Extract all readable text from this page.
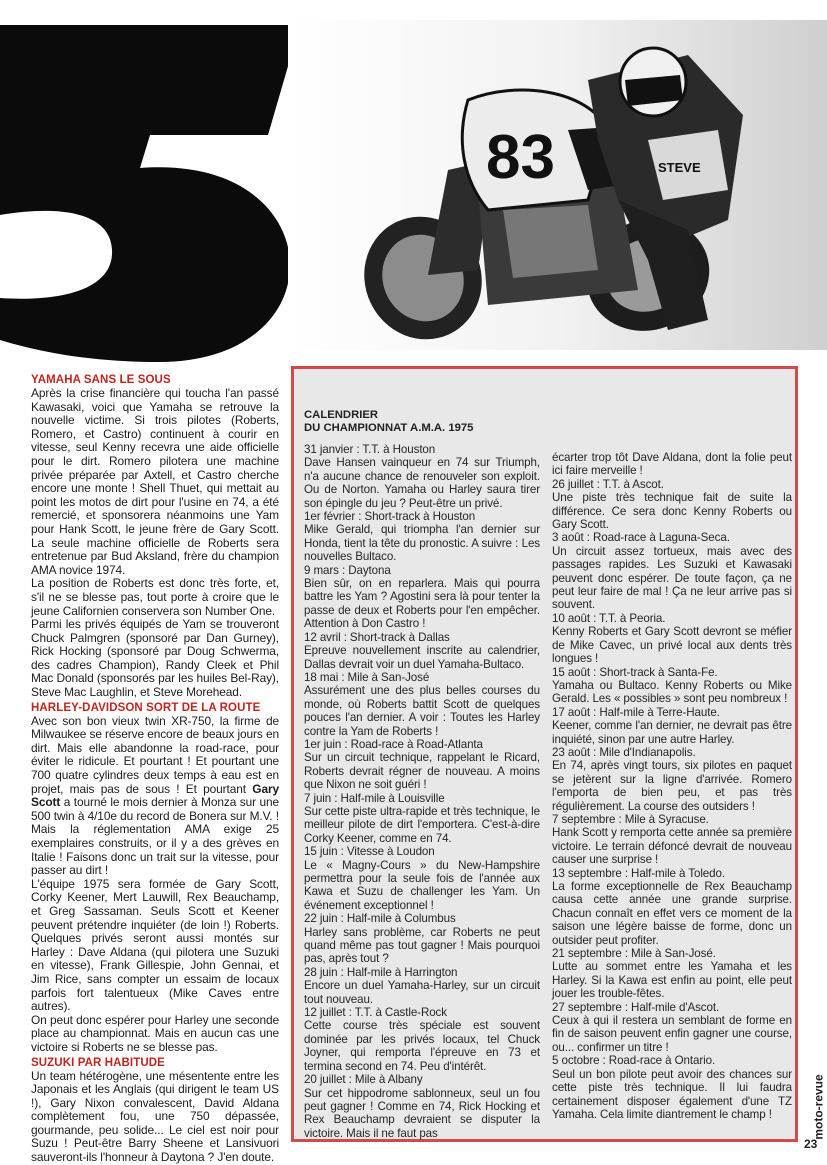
STEVE
83
YAMAHA SANS LE SOUS

Après la crise financière qui toucha l'an passé Kawasaki, voici que Yamaha se retrouve la nouvelle victime. Si trois pilotes (Roberts, Romero, et Castro) continuent à courir en vitesse, seul Kenny recevra une aide officielle pour le dirt. Romero pilotera une machine privée préparée par Axtell, et Castro cherche encore une monte ! Shell Thuet, qui mettait au point les motos de dirt pour l'usine en 74, a été remercié, et sponsorera néanmoins une Yam pour Hank Scott, le jeune frère de Gary Scott. La seule machine officielle de Roberts sera entretenue par Bud Aksland, frère du champion AMA novice 1974.

La position de Roberts est donc très forte, et, s'il ne se blesse pas, tout porte à croire que le jeune Californien conservera son Number One.

Parmi les privés équipés de Yam se trouveront Chuck Palmgren (sponsoré par Dan Gurney), Rick Hocking (sponsoré par Doug Schwerma, des cadres Champion), Randy Cleek et Phil Mac Donald (sponsorés par les huiles Bel-Ray), Steve Mac Laughlin, et Steve Morehead.

HARLEY-DAVIDSON SORT DE LA ROUTE

Avec son bon vieux twin XR-750, la firme de Milwaukee se réserve encore de beaux jours en dirt. Mais elle abandonne la road-race, pour éviter le ridicule. Et pourtant ! Et pourtant une 700 quatre cylindres deux temps à eau est en projet, mais pas de sous ! Et pourtant Gary Scott a tourné le mois dernier à Monza sur une 500 twin à 4/10e du record de Bonera sur M.V. ! Mais la réglementation AMA exige 25 exemplaires construits, or il y a des grèves en Italie ! Faisons donc un trait sur la vitesse, pour passer au dirt !

L'équipe 1975 sera formée de Gary Scott, Corky Keener, Mert Lauwill, Rex Beauchamp, et Greg Sassaman. Seuls Scott et Keener peuvent prétendre inquiéter (de loin !) Roberts. Quelques privés seront aussi montés sur Harley : Dave Aldana (qui pilotera une Suzuki en vitesse), Frank Gillespie, John Gennai, et Jim Rice, sans compter un essaim de locaux parfois fort talentueux (Mike Caves entre autres).

On peut donc espérer pour Harley une seconde place au championnat. Mais en aucun cas une victoire si Roberts ne se blesse pas.

SUZUKI PAR HABITUDE

Un team hétérogène, une mésentente entre les Japonais et les Anglais (qui dirigent le team US !), Gary Nixon convalescent, David Aldana complètement fou, une 750 dépassée, gourmande, peu solide... Le ciel est noir pour Suzu ! Peut-être Barry Sheene et Lansivuori sauveront-ils l'honneur à Daytona ? J'en doute.

CALENDRIER
DU CHAMPIONNAT A.M.A. 1975

31 janvier : T.T. à Houston
Dave Hansen vainqueur en 74 sur Triumph, n'a aucune chance de renouveler son exploit. Ou de Norton. Yamaha ou Harley saura tirer son épingle du jeu ? Peut-être un privé.

1er février : Short-track à Houston
Mike Gerald, qui triompha l'an dernier sur Honda, tient la tête du pronostic. A suivre : Les nouvelles Bultaco.

9 mars : Daytona
Bien sûr, on en reparlera. Mais qui pourra battre les Yam ? Agostini sera là pour tenter la passe de deux et Roberts pour l'en empêcher. Attention à Don Castro !

12 avril : Short-track à Dallas
Epreuve nouvellement inscrite au calendrier, Dallas devrait voir un duel Yamaha-Bultaco.

18 mai : Mile à San-José
Assurément une des plus belles courses du monde, où Roberts battit Scott de quelques pouces l'an dernier. A voir : Toutes les Harley contre la Yam de Roberts !

1er juin : Road-race à Road-Atlanta
Sur un circuit technique, rappelant le Ricard, Roberts devrait régner de nouveau. A moins que Nixon ne soit guéri !

7 juin : Half-mile à Louisville
Sur cette piste ultra-rapide et très technique, le meilleur pilote de dirt l'emportera. C'est-à-dire Corky Keener, comme en 74.

15 juin : Vitesse à Loudon
Le « Magny-Cours » du New-Hampshire permettra pour la seule fois de l'année aux Kawa et Suzu de challenger les Yam. Un événement exceptionnel !

22 juin : Half-mile à Columbus
Harley sans problème, car Roberts ne peut quand même pas tout gagner ! Mais pourquoi pas, après tout ?

28 juin : Half-mile à Harrington
Encore un duel Yamaha-Harley, sur un circuit tout nouveau.

12 juillet : T.T. à Castle-Rock
Cette course très spéciale est souvent dominée par les privés locaux, tel Chuck Joyner, qui remporta l'épreuve en 73 et termina second en 74. Peu d'intérêt.

20 juillet : Mile à Albany
Sur cet hippodrome sablonneux, seul un fou peut gagner ! Comme en 74, Rick Hocking et Rex Beauchamp devraient se disputer la victoire. Mais il ne faut pas

écarter trop tôt Dave Aldana, dont la folie peut ici faire merveille !

26 juillet : T.T. à Ascot.
Une piste très technique fait de suite la différence. Ce sera donc Kenny Roberts ou Gary Scott.

3 août : Road-race à Laguna-Seca.
Un circuit assez tortueux, mais avec des passages rapides. Les Suzuki et Kawasaki peuvent donc espérer. De toute façon, ça ne peut leur faire de mal ! Ça ne leur arrive pas si souvent.

10 août : T.T. à Peoria.
Kenny Roberts et Gary Scott devront se méfier de Mike Cavec, un privé local aux dents très longues !

15 août : Short-track à Santa-Fe.
Yamaha ou Bultaco. Kenny Roberts ou Mike Gerald. Les « possibles » sont peu nombreux !

17 août : Half-mile à Terre-Haute.
Keener, comme l'an dernier, ne devrait pas être inquiété, sinon par une autre Harley.

23 août : Mile d'Indianapolis.
En 74, après vingt tours, six pilotes en paquet se jetèrent sur la ligne d'arrivée. Romero l'emporta de bien peu, et pas très régulièrement. La course des outsiders !

7 septembre : Mile à Syracuse.
Hank Scott y remporta cette année sa première victoire. Le terrain défoncé devrait de nouveau causer une surprise !

13 septembre : Half-mile à Toledo.
La forme exceptionnelle de Rex Beauchamp causa cette année une grande surprise. Chacun connaît en effet vers ce moment de la saison une légère baisse de forme, donc un outsider peut profiter.

21 septembre : Mile à San-José.
Lutte au sommet entre les Yamaha et les Harley. Si la Kawa est enfin au point, elle peut jouer les trouble-fêtes.

27 septembre : Half-mile d'Ascot.
Ceux à qui il restera un semblant de forme en fin de saison peuvent enfin gagner une course, ou... confirmer un titre !

5 octobre : Road-race à Ontario.
Seul un bon pilote peut avoir des chances sur cette piste très technique. Il lui faudra certainement disposer également d'une TZ Yamaha. Cela limite diantrement le champ !	moto-revue
23
